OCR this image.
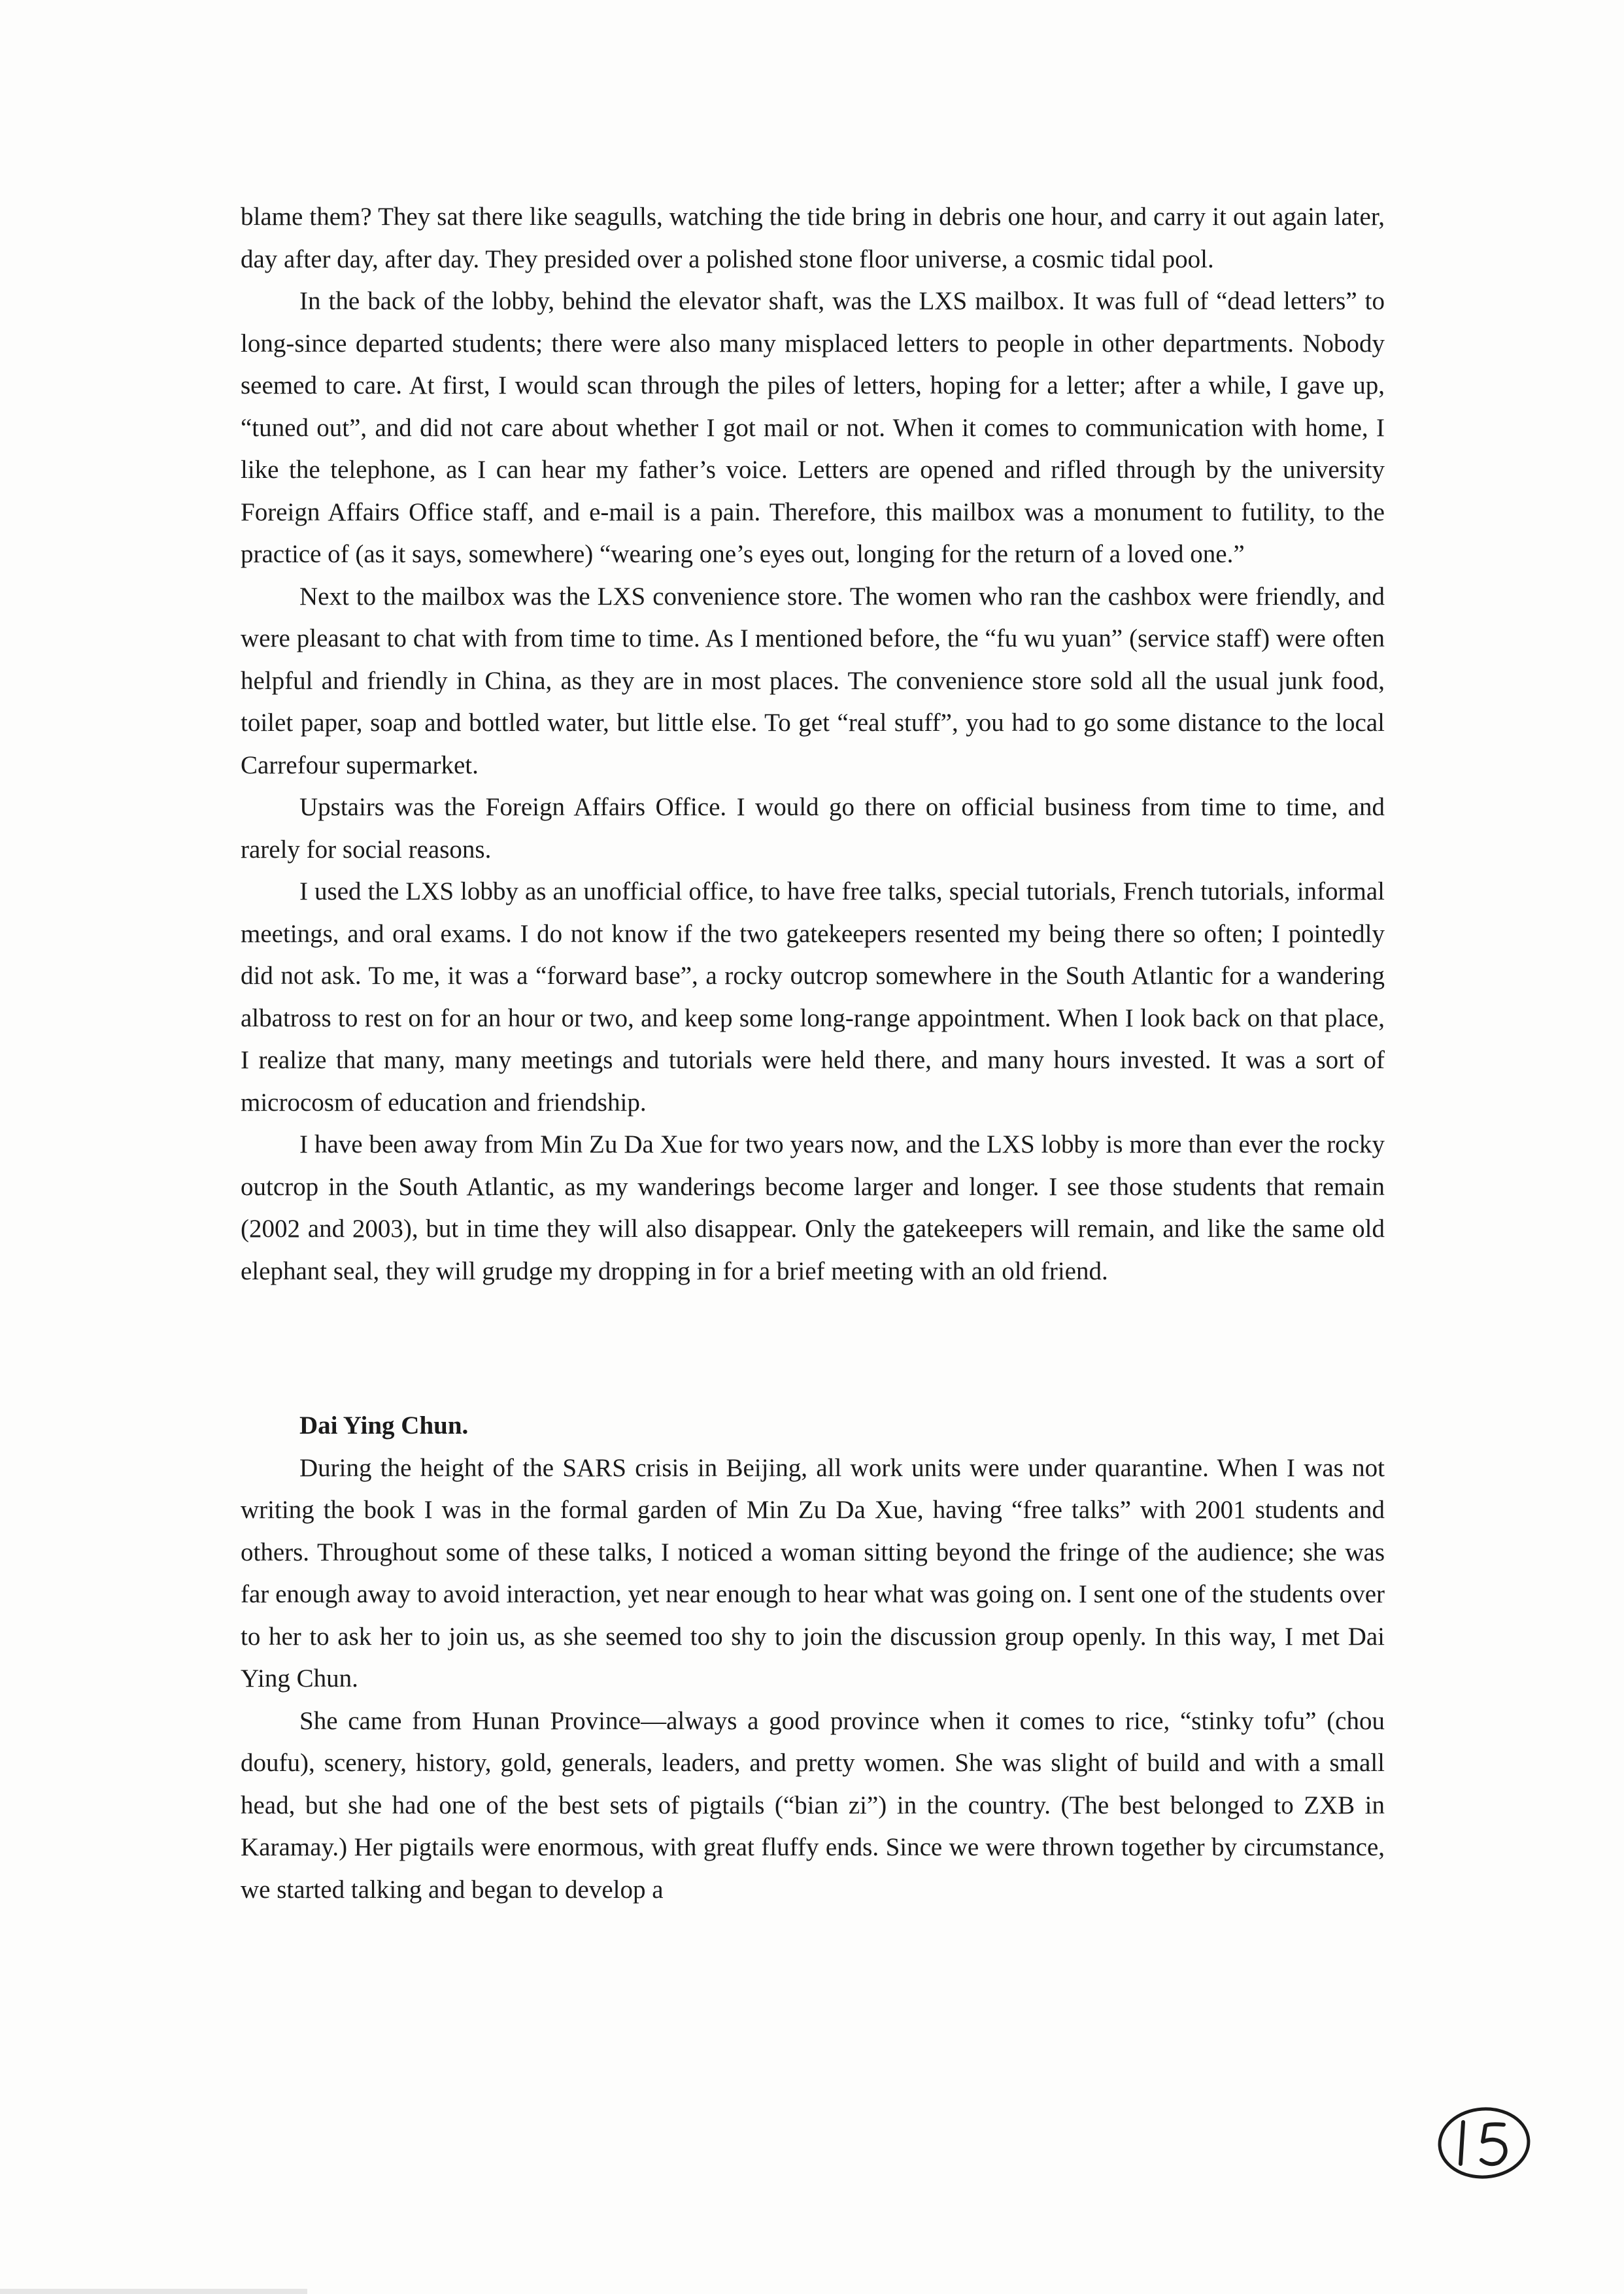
blame them? They sat there like seagulls, watching the tide bring in debris one hour, and carry it out again later, day after day, after day. They presided over a polished stone floor universe, a cosmic tidal pool.

In the back of the lobby, behind the elevator shaft, was the LXS mailbox. It was full of “dead letters” to long-since departed students; there were also many misplaced letters to people in other departments. Nobody seemed to care. At first, I would scan through the piles of letters, hoping for a letter; after a while, I gave up, “tuned out”, and did not care about whether I got mail or not. When it comes to communication with home, I like the telephone, as I can hear my father’s voice. Letters are opened and rifled through by the university Foreign Affairs Office staff, and e-mail is a pain. Therefore, this mailbox was a monument to futility, to the practice of (as it says, somewhere) “wearing one’s eyes out, longing for the return of a loved one.”

Next to the mailbox was the LXS convenience store. The women who ran the cashbox were friendly, and were pleasant to chat with from time to time. As I mentioned before, the “fu wu yuan” (service staff) were often helpful and friendly in China, as they are in most places. The convenience store sold all the usual junk food, toilet paper, soap and bottled water, but little else. To get “real stuff”, you had to go some distance to the local Carrefour supermarket.

Upstairs was the Foreign Affairs Office. I would go there on official business from time to time, and rarely for social reasons.

I used the LXS lobby as an unofficial office, to have free talks, special tutorials, French tutorials, informal meetings, and oral exams. I do not know if the two gatekeepers resented my being there so often; I pointedly did not ask. To me, it was a “forward base”, a rocky outcrop somewhere in the South Atlantic for a wandering albatross to rest on for an hour or two, and keep some long-range appointment. When I look back on that place, I realize that many, many meetings and tutorials were held there, and many hours invested. It was a sort of microcosm of education and friendship.

I have been away from Min Zu Da Xue for two years now, and the LXS lobby is more than ever the rocky outcrop in the South Atlantic, as my wanderings become larger and longer. I see those students that remain (2002 and 2003), but in time they will also disappear. Only the gatekeepers will remain, and like the same old elephant seal, they will grudge my dropping in for a brief meeting with an old friend.

Dai Ying Chun.

During the height of the SARS crisis in Beijing, all work units were under quarantine. When I was not writing the book I was in the formal garden of Min Zu Da Xue, having “free talks” with 2001 students and others. Throughout some of these talks, I noticed a woman sitting beyond the fringe of the audience; she was far enough away to avoid interaction, yet near enough to hear what was going on. I sent one of the students over to her to ask her to join us, as she seemed too shy to join the discussion group openly. In this way, I met Dai Ying Chun.

She came from Hunan Province—always a good province when it comes to rice, “stinky tofu” (chou doufu), scenery, history, gold, generals, leaders, and pretty women. She was slight of build and with a small head, but she had one of the best sets of pigtails (“bian zi”) in the country. (The best belonged to ZXB in Karamay.) Her pigtails were enormous, with great fluffy ends. Since we were thrown together by circumstance, we started talking and began to develop a
